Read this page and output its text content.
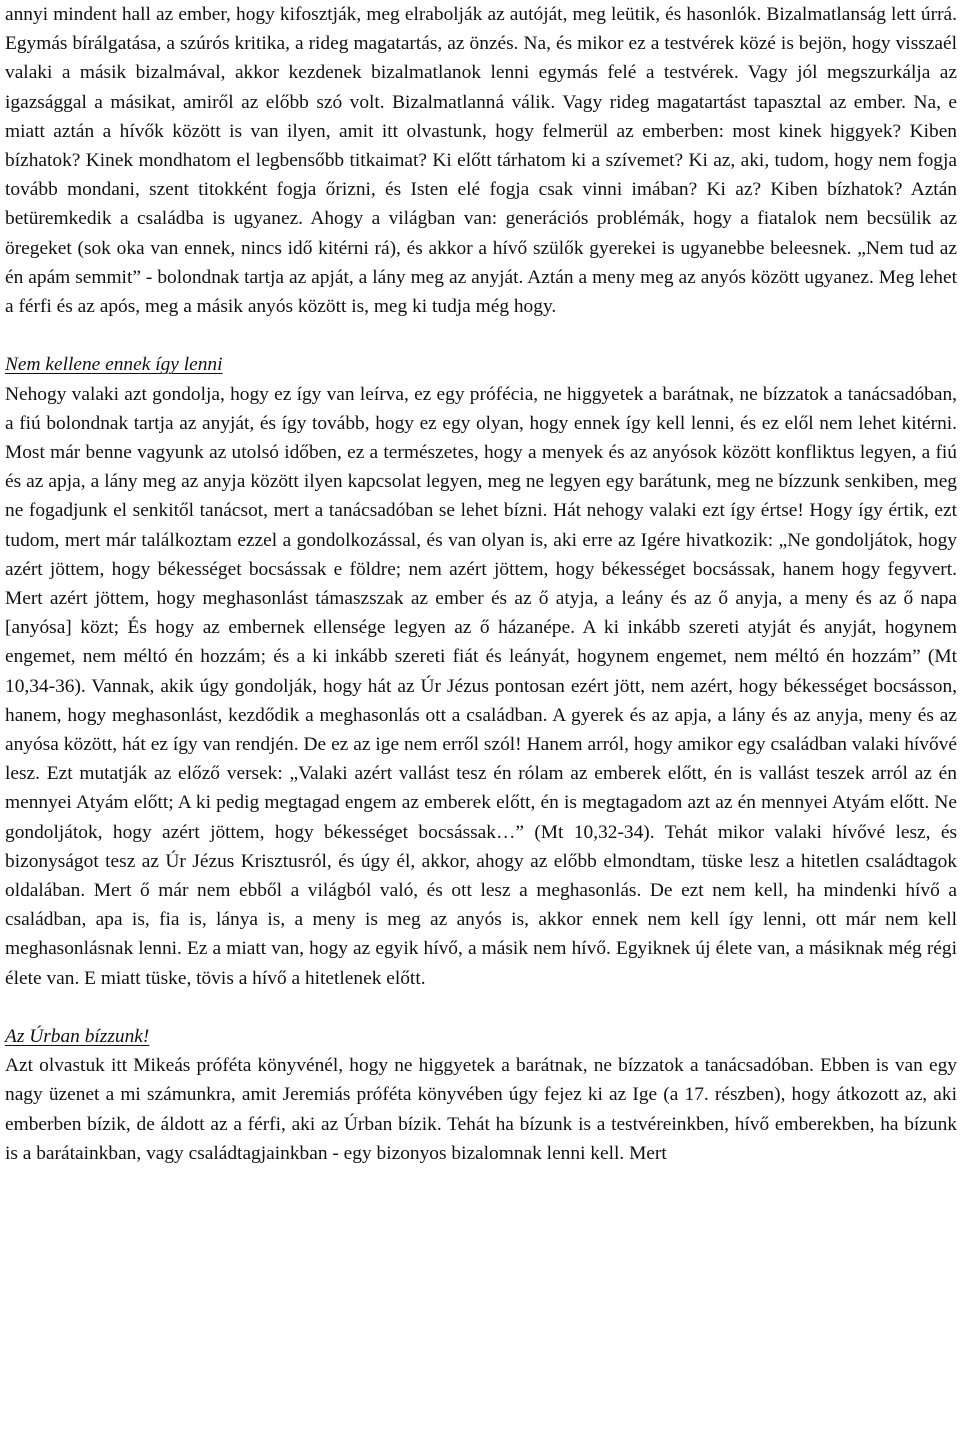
annyi mindent hall az ember, hogy kifosztják, meg elrabolják az autóját, meg leütik, és hasonlók. Bizalmatlanság lett úrrá. Egymás bírálgatása, a szúrós kritika, a rideg magatartás, az önzés. Na, és mikor ez a testvérek közé is bejön, hogy visszaél valaki a másik bizalmával, akkor kezdenek bizalmatlanok lenni egymás felé a testvérek. Vagy jól megszurkálja az igazsággal a másikat, amiről az előbb szó volt. Bizalmatlanná válik. Vagy rideg magatartást tapasztal az ember. Na, e miatt aztán a hívők között is van ilyen, amit itt olvastunk, hogy felmerül az emberben: most kinek higgyek? Kiben bízhatok? Kinek mondhatom el legbensőbb titkaimat? Ki előtt tárhatom ki a szívemet? Ki az, aki, tudom, hogy nem fogja tovább mondani, szent titokként fogja őrizni, és Isten elé fogja csak vinni imában? Ki az? Kiben bízhatok? Aztán betüremkedik a családba is ugyanez. Ahogy a világban van: generációs problémák, hogy a fiatalok nem becsülik az öregeket (sok oka van ennek, nincs idő kitérni rá), és akkor a hívő szülők gyerekei is ugyanebbe beleesnek. „Nem tud az én apám semmit” - bolondnak tartja az apját, a lány meg az anyját. Aztán a meny meg az anyós között ugyanez. Meg lehet a férfi és az após, meg a másik anyós között is, meg ki tudja még hogy.

Nem kellene ennek így lenni

Nehogy valaki azt gondolja, hogy ez így van leírva, ez egy prófécia, ne higgyetek a barátnak, ne bízzatok a tanácsadóban, a fiú bolondnak tartja az anyját, és így tovább, hogy ez egy olyan, hogy ennek így kell lenni, és ez elől nem lehet kitérni. Most már benne vagyunk az utolsó időben, ez a természetes, hogy a menyek és az anyósok között konfliktus legyen, a fiú és az apja, a lány meg az anyja között ilyen kapcsolat legyen, meg ne legyen egy barátunk, meg ne bízzunk senkiben, meg ne fogadjunk el senkitől tanácsot, mert a tanácsadóban se lehet bízni. Hát nehogy valaki ezt így értse! Hogy így értik, ezt tudom, mert már találkoztam ezzel a gondolkozással, és van olyan is, aki erre az Igére hivatkozik: „Ne gondoljátok, hogy azért jöttem, hogy békességet bocsássak e földre; nem azért jöttem, hogy békességet bocsássak, hanem hogy fegyvert. Mert azért jöttem, hogy meghasonlást támaszszak az ember és az ő atyja, a leány és az ő anyja, a meny és az ő napa [anyósa] közt; És hogy az embernek ellensége legyen az ő házanépe. A ki inkább szereti atyját és anyját, hogynem engemet, nem méltó én hozzám; és a ki inkább szereti fiát és leányát, hogynem engemet, nem méltó én hozzám” (Mt 10,34-36). Vannak, akik úgy gondolják, hogy hát az Úr Jézus pontosan ezért jött, nem azért, hogy békességet bocsásson, hanem, hogy meghasonlást, kezdődik a meghasonlás ott a családban. A gyerek és az apja, a lány és az anyja, meny és az anyósa között, hát ez így van rendjén. De ez az ige nem erről szól! Hanem arról, hogy amikor egy családban valaki hívővé lesz. Ezt mutatják az előző versek: „Valaki azért vallást tesz én rólam az emberek előtt, én is vallást teszek arról az én mennyei Atyám előtt; A ki pedig megtagad engem az emberek előtt, én is megtagadom azt az én mennyei Atyám előtt. Ne gondoljátok, hogy azért jöttem, hogy békességet bocsássak…” (Mt 10,32-34). Tehát mikor valaki hívővé lesz, és bizonyságot tesz az Úr Jézus Krisztusról, és úgy él, akkor, ahogy az előbb elmondtam, tüske lesz a hitetlen családtagok oldalában. Mert ő már nem ebből a világból való, és ott lesz a meghasonlás. De ezt nem kell, ha mindenki hívő a családban, apa is, fia is, lánya is, a meny is meg az anyós is, akkor ennek nem kell így lenni, ott már nem kell meghasonlásnak lenni. Ez a miatt van, hogy az egyik hívő, a másik nem hívő. Egyiknek új élete van, a másiknak még régi élete van. E miatt tüske, tövis a hívő a hitetlenek előtt.

Az Úrban bízzunk!

Azt olvastuk itt Mikeás próféta könyvénél, hogy ne higgyetek a barátnak, ne bízzatok a tanácsadóban. Ebben is van egy nagy üzenet a mi számunkra, amit Jeremiás próféta könyvében úgy fejez ki az Ige (a 17. részben), hogy átkozott az, aki emberben bízik, de áldott az a férfi, aki az Úrban bízik. Tehát ha bízunk is a testvéreinkben, hívő emberekben, ha bízunk is a barátainkban, vagy családtagjainkban - egy bizonyos bizalomnak lenni kell. Mert
